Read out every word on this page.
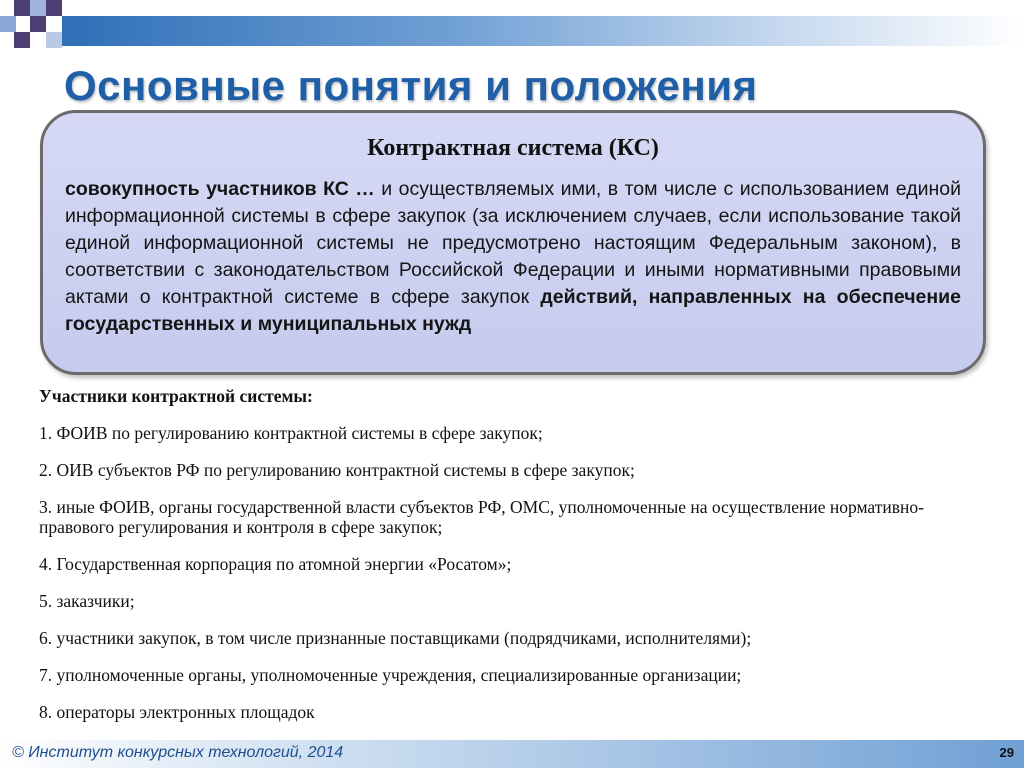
Основные понятия и положения
Контрактная система (КС)
совокупность участников КС … и осуществляемых ими, в том числе с использованием единой информационной системы в сфере закупок (за исключением случаев, если использование такой единой информационной системы не предусмотрено настоящим Федеральным законом), в соответствии с законодательством Российской Федерации и иными нормативными правовыми актами о контрактной системе в сфере закупок действий, направленных на обеспечение государственных и муниципальных нужд
Участники контрактной системы:
1. ФОИВ по регулированию контрактной системы в сфере закупок;
2. ОИВ субъектов РФ по регулированию контрактной системы в сфере закупок;
3. иные ФОИВ, органы государственной власти субъектов РФ, ОМС, уполномоченные на осуществление нормативно-правового регулирования и контроля в сфере закупок;
4. Государственная корпорация по атомной энергии «Росатом»;
5. заказчики;
6. участники закупок, в том числе признанные поставщиками (подрядчиками, исполнителями);
7. уполномоченные органы, уполномоченные учреждения, специализированные организации;
8. операторы электронных площадок
© Институт конкурсных технологий, 2014	29
